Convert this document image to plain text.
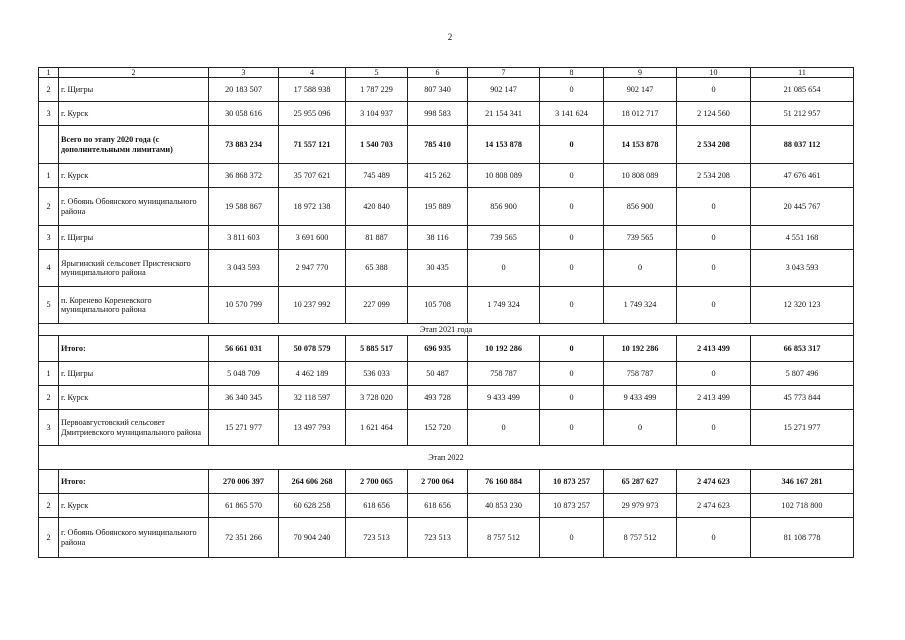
2
1	2	3	4	5	6	7	8	9	10	11
2	г. Щигры	20 183 507	17 588 938	1 787 229	807 340	902 147	0	902 147	0	21 085 654
3	г. Курск	30 058 616	25 955 096	3 104 937	998 583	21 154 341	3 141 624	18 012 717	2 124 560	51 212 957
	Всего по этапу 2020 года (с дополнительными лимитами)	73 883 234	71 557 121	1 540 703	785 410	14 153 878	0	14 153 878	2 534 208	88 037 112
1	г. Курск	36 868 372	35 707 621	745 489	415 262	10 808 089	0	10 808 089	2 534 208	47 676 461
2	г. Обоянь Обоянского муниципального района	19 588 867	18 972 138	420 840	195 889	856 900	0	856 900	0	20 445 767
3	г. Щигры	3 811 603	3 691 600	81 887	38 116	739 565	0	739 565	0	4 551 168
4	Ярыгинский сельсовет Пристенского муниципального района	3 043 593	2 947 770	65 388	30 435	0	0	0	0	3 043 593
5	п. Коренево Кореневского муниципального района	10 570 799	10 237 992	227 099	105 708	1 749 324	0	1 749 324	0	12 320 123
Этап 2021 года										
	Итого:	56 661 031	50 078 579	5 885 517	696 935	10 192 286	0	10 192 286	2 413 499	66 853 317
1	г. Щигры	5 048 709	4 462 189	536 033	50 487	758 787	0	758 787	0	5 807 496
2	г. Курск	36 340 345	32 118 597	3 728 020	493 728	9 433 499	0	9 433 499	2 413 499	45 773 844
3	Первоавгустовский сельсовет Дмитриевского муниципального района	15 271 977	13 497 793	1 621 464	152 720	0	0	0	0	15 271 977
Этап 2022										
	Итого:	270 006 397	264 606 268	2 700 065	2 700 064	76 160 884	10 873 257	65 287 627	2 474 623	346 167 281
2	г. Курск	61 865 570	60 628 258	618 656	618 656	40 853 230	10 873 257	29 979 973	2 474 623	102 718 800
2	г. Обоянь Обоянского муниципального района	72 351 266	70 904 240	723 513	723 513	8 757 512	0	8 757 512	0	81 108 778
